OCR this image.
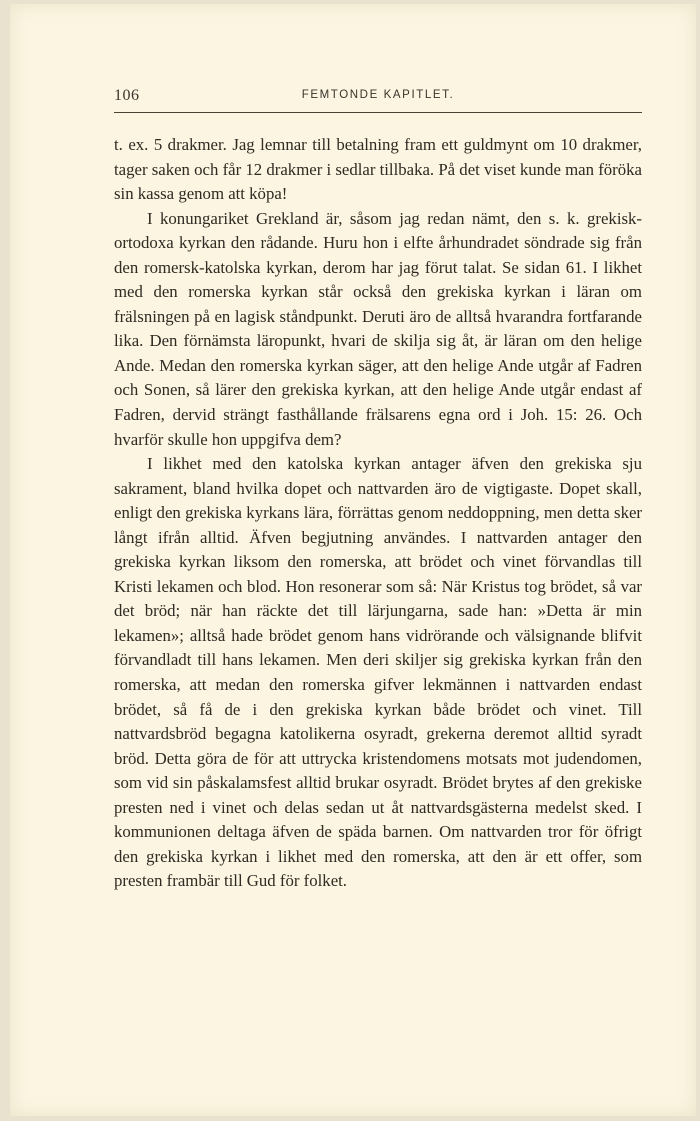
106	FEMTONDE KAPITLET.

t. ex. 5 drakmer. Jag lemnar till betalning fram ett guldmynt om 10 drakmer, tager saken och får 12 drakmer i sedlar tillbaka. På det viset kunde man föröka sin kassa genom att köpa!

I konungariket Grekland är, såsom jag redan nämt, den s. k. grekisk-ortodoxa kyrkan den rådande. Huru hon i elfte århundradet söndrade sig från den romersk-katolska kyrkan, derom har jag förut talat. Se sidan 61. I likhet med den romerska kyrkan står också den grekiska kyrkan i läran om frälsningen på en lagisk ståndpunkt. Deruti äro de alltså hvarandra fortfarande lika. Den förnämsta läropunkt, hvari de skilja sig åt, är läran om den helige Ande. Medan den romerska kyrkan säger, att den helige Ande utgår af Fadren och Sonen, så lärer den grekiska kyrkan, att den helige Ande utgår endast af Fadren, dervid strängt fasthållande frälsarens egna ord i Joh. 15: 26. Och hvarför skulle hon uppgifva dem?

I likhet med den katolska kyrkan antager äfven den grekiska sju sakrament, bland hvilka dopet och nattvarden äro de vigtigaste. Dopet skall, enligt den grekiska kyrkans lära, förrättas genom neddoppning, men detta sker långt ifrån alltid. Äfven begjutning användes. I nattvarden antager den grekiska kyrkan liksom den romerska, att brödet och vinet förvandlas till Kristi lekamen och blod. Hon resonerar som så: När Kristus tog brödet, så var det bröd; när han räckte det till lärjungarna, sade han: »Detta är min lekamen»; alltså hade brödet genom hans vidrörande och välsignande blifvit förvandladt till hans lekamen. Men deri skiljer sig grekiska kyrkan från den romerska, att medan den romerska gifver lekmännen i nattvarden endast brödet, så få de i den grekiska kyrkan både brödet och vinet. Till nattvardsbröd begagna katolikerna osyradt, grekerna deremot alltid syradt bröd. Detta göra de för att uttrycka kristendomens motsats mot judendomen, som vid sin påskalamsfest alltid brukar osyradt. Brödet brytes af den grekiske presten ned i vinet och delas sedan ut åt nattvardsgästerna medelst sked. I kommunionen deltaga äfven de späda barnen. Om nattvarden tror för öfrigt den grekiska kyrkan i likhet med den romerska, att den är ett offer, som presten frambär till Gud för folket.
